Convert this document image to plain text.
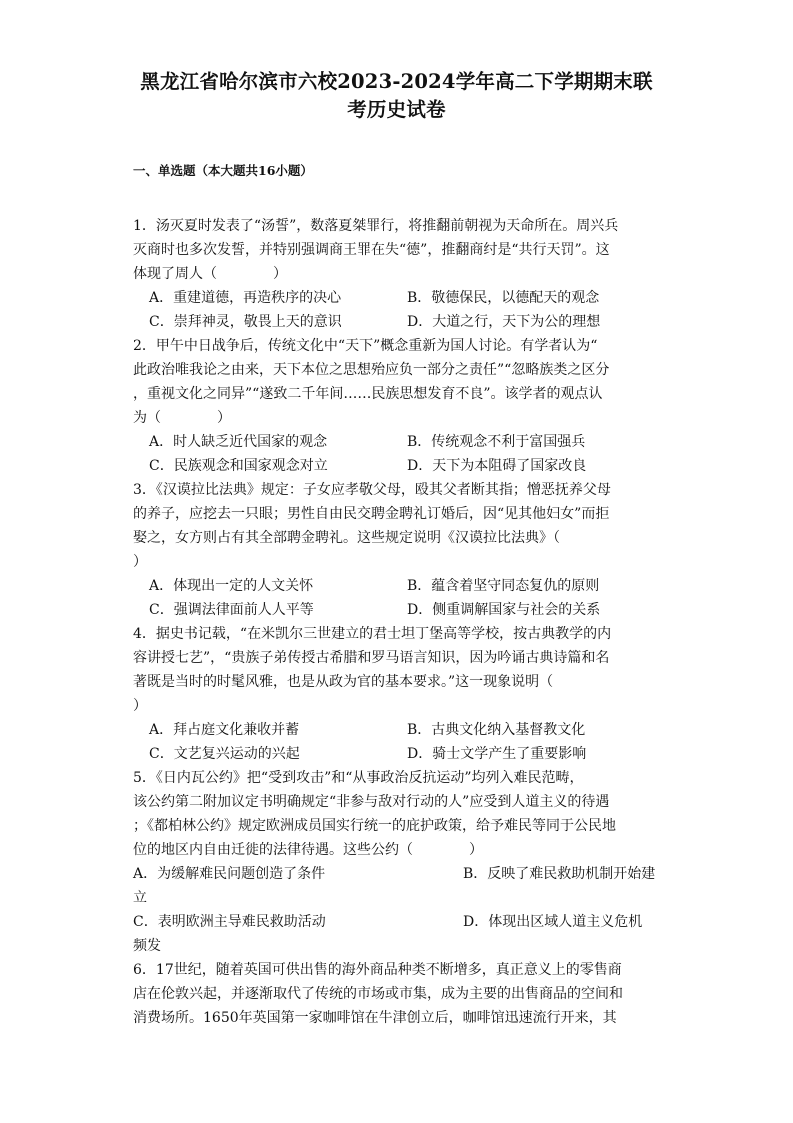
黑龙江省哈尔滨市六校2023-2024学年高二下学期期末联
考历史试卷
一、单选题（本大题共16小题）
1．汤灭夏时发表了“汤誓”，数落夏桀罪行，将推翻前朝视为天命所在。周兴兵
灭商时也多次发誓，并特别强调商王罪在失“德”，推翻商纣是“共行天罚”。这
体现了周人（　　　　）
A．重建道德，再造秩序的决心	B．敬德保民，以德配天的观念
C．崇拜神灵，敬畏上天的意识	D．大道之行，天下为公的理想
2．甲午中日战争后，传统文化中“天下”概念重新为国人讨论。有学者认为“
此政治唯我论之由来，天下本位之思想殆应负一部分之责任”“忽略族类之区分
，重视文化之同异”“遂致二千年间……民族思想发育不良”。该学者的观点认
为（　　　　）
A．时人缺乏近代国家的观念	B．传统观念不利于富国强兵
C．民族观念和国家观念对立	D．天下为本阻碍了国家改良
3．《汉谟拉比法典》规定：子女应孝敬父母，殴其父者断其指；憎恶抚养父母
的养子，应挖去一只眼；男性自由民交聘金聘礼订婚后，因“见其他妇女”而拒
娶之，女方则占有其全部聘金聘礼。这些规定说明《汉谟拉比法典》（
）
A．体现出一定的人文关怀	B．蕴含着坚守同态复仇的原则
C．强调法律面前人人平等	D．侧重调解国家与社会的关系
4．据史书记载，“在米凯尔三世建立的君士坦丁堡高等学校，按古典教学的内
容讲授七艺”，“贵族子弟传授古希腊和罗马语言知识，因为吟诵古典诗篇和名
著既是当时的时髦风雅，也是从政为官的基本要求。”这一现象说明（
）
A．拜占庭文化兼收并蓄	B．古典文化纳入基督教文化
C．文艺复兴运动的兴起	D．骑士文学产生了重要影响
5．《日内瓦公约》把“受到攻击”和“从事政治反抗运动”均列入难民范畴，
该公约第二附加议定书明确规定“非参与敌对行动的人”应受到人道主义的待遇
；《都柏林公约》规定欧洲成员国实行统一的庇护政策，给予难民等同于公民地
位的地区内自由迁徙的法律待遇。这些公约（　　　　）
A．为缓解难民问题创造了条件	B．反映了难民救助机制开始建
立
C．表明欧洲主导难民救助活动	D．体现出区域人道主义危机
频发
6．17世纪，随着英国可供出售的海外商品种类不断增多，真正意义上的零售商
店在伦敦兴起，并逐渐取代了传统的市场或市集，成为主要的出售商品的空间和
消费场所。1650年英国第一家咖啡馆在牛津创立后，咖啡馆迅速流行开来，其
